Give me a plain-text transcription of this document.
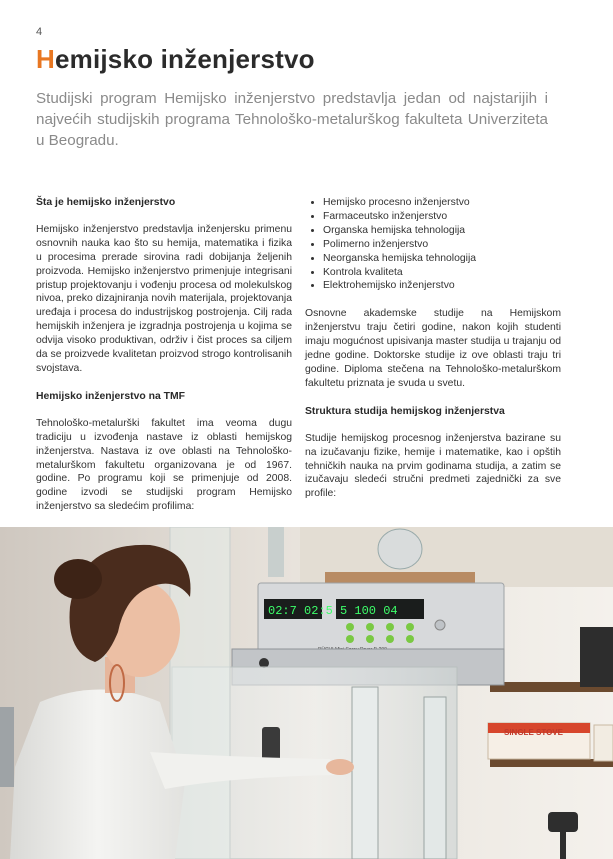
4
Hemijsko inženjerstvo

Studijski program Hemijsko inženjerstvo predstavlja jedan od najstarijih i najvećih studijskih programa Tehnološko-metalurškog fakulteta Univerziteta u Beogradu.

Šta je hemijsko inženjerstvo

Hemijsko inženjerstvo predstavlja inženjersku primenu osnovnih nauka kao što su hemija, matematika i fizika u procesima prerade sirovina radi dobijanja željenih proizvoda. Hemijsko inženjerstvo primenjuje integrisani pristup projektovanju i vođenju procesa od molekulskog nivoa, preko dizajniranja novih materijala, projektovanja uređaja i procesa do industrijskog postrojenja. Cilj rada hemijskih inženjera je izgradnja postrojenja u kojima se odvija visoko produktivan, održiv i čist proces sa ciljem da se proizvede kvalitetan proizvod strogo kontrolisanih svojstava.

Hemijsko inženjerstvo na TMF

Tehnološko-metalurški fakultet ima veoma dugu tradiciju u izvođenja nastave iz oblasti hemijskog inženjerstva. Nastava iz ove oblasti na Tehnološko-metalurškom fakultetu organizovana je od 1967. godine. Po programu koji se primenjuje od 2008. godine izvodi se studijski program Hemijsko inženjerstvo sa sledećim profilima:

• Hemijsko procesno inženjerstvo
• Farmaceutsko inženjerstvo
• Organska hemijska tehnologija
• Polimerno inženjerstvo
• Neorganska hemijska tehnologija
• Kontrola kvaliteta
• Elektrohemijsko inženjerstvo

Osnovne akademske studije na Hemijskom inženjerstvu traju četiri godine, nakon kojih studenti imaju mogućnost upisivanja master studija u trajanju od jedne godine. Doktorske studije iz ove oblasti traju tri godine. Diploma stečena na Tehnološko-metalurškom fakultetu priznata je svuda u svetu.

Struktura studija hemijskog inženjerstva

Studije hemijskog procesnog inženjerstva bazirane su na izučavanju fizike, hemije i matematike, kao i opštih tehničkih nauka na prvim godinama studija, a zatim se izučavaju sledeći stručni predmeti zajednički za sve profile:

SINGLE STOVE
02:7 02:5 5 100 04
